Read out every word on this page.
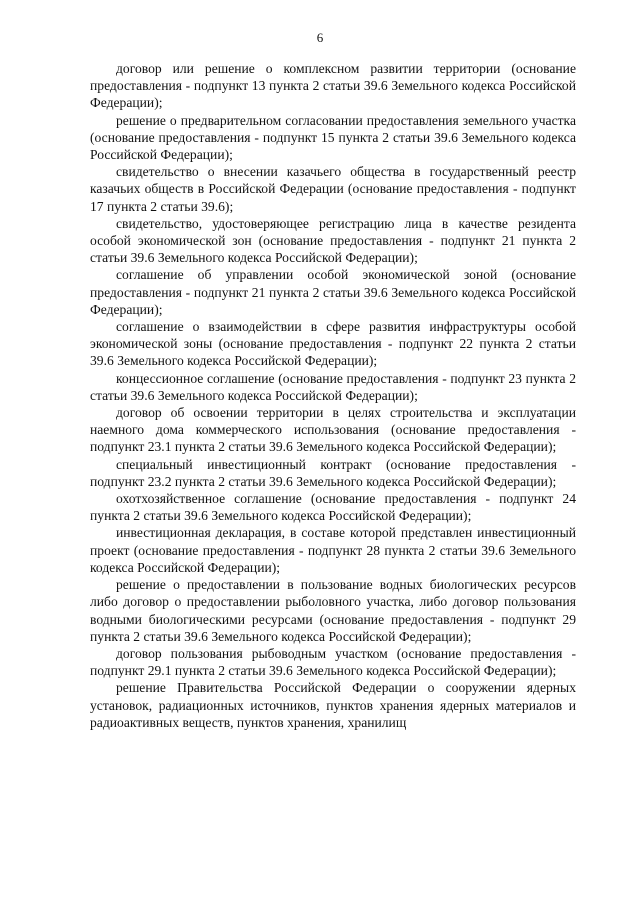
6

договор или решение о комплексном развитии территории (основание предоставления - подпункт 13 пункта 2 статьи 39.6 Земельного кодекса Российской Федерации);

решение о предварительном согласовании предоставления земельного участка (основание предоставления - подпункт 15 пункта 2 статьи 39.6 Земельного кодекса Российской Федерации);

свидетельство о внесении казачьего общества в государственный реестр казачьих обществ в Российской Федерации (основание предоставления - подпункт 17 пункта 2 статьи 39.6);

свидетельство, удостоверяющее регистрацию лица в качестве резидента особой экономической зон (основание предоставления - подпункт 21 пункта 2 статьи 39.6 Земельного кодекса Российской Федерации);

соглашение об управлении особой экономической зоной (основание предоставления - подпункт 21 пункта 2 статьи 39.6 Земельного кодекса Российской Федерации);

соглашение о взаимодействии в сфере развития инфраструктуры особой экономической зоны (основание предоставления - подпункт 22 пункта 2 статьи 39.6 Земельного кодекса Российской Федерации);

концессионное соглашение (основание предоставления - подпункт 23 пункта 2 статьи 39.6 Земельного кодекса Российской Федерации);

договор об освоении территории в целях строительства и эксплуатации наемного дома коммерческого использования (основание предоставления - подпункт 23.1 пункта 2 статьи 39.6 Земельного кодекса Российской Федерации);

специальный инвестиционный контракт (основание предоставления - подпункт 23.2 пункта 2 статьи 39.6 Земельного кодекса Российской Федерации);

охотхозяйственное соглашение (основание предоставления - подпункт 24 пункта 2 статьи 39.6 Земельного кодекса Российской Федерации);

инвестиционная декларация, в составе которой представлен инвестиционный проект (основание предоставления - подпункт 28 пункта 2 статьи 39.6 Земельного кодекса Российской Федерации);

решение о предоставлении в пользование водных биологических ресурсов либо договор о предоставлении рыболовного участка, либо договор пользования водными биологическими ресурсами (основание предоставления - подпункт 29 пункта 2 статьи 39.6 Земельного кодекса Российской Федерации);

договор пользования рыбоводным участком (основание предоставления - подпункт 29.1 пункта 2 статьи 39.6 Земельного кодекса Российской Федерации);

решение Правительства Российской Федерации о сооружении ядерных установок, радиационных источников, пунктов хранения ядерных материалов и радиоактивных веществ, пунктов хранения, хранилищ
